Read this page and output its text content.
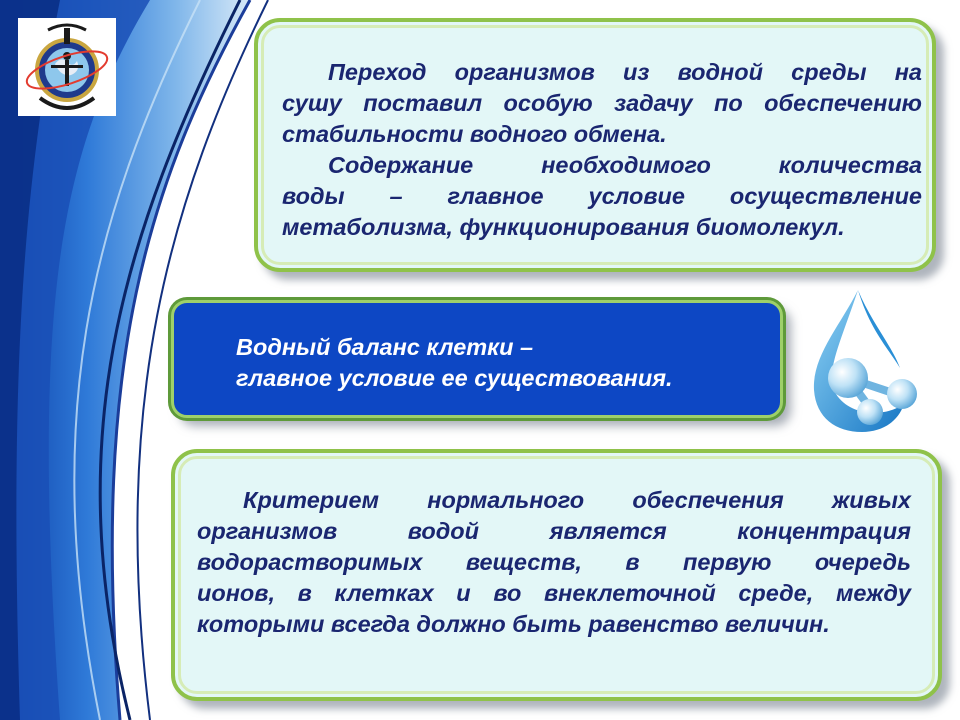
Переход организмов из водной среды на
сушу поставил особую задачу по обеспечению
стабильности водного обмена.

Содержание необходимого количества
воды – главное условие осуществление
метаболизма, функционирования биомолекул.

Водный баланс клетки –
главное условие ее существования.

Критерием нормального обеспечения живых
организмов водой является концентрация
водорастворимых веществ, в первую очередь
ионов, в клетках и во внеклеточной среде, между
которыми всегда должно быть равенство величин.
